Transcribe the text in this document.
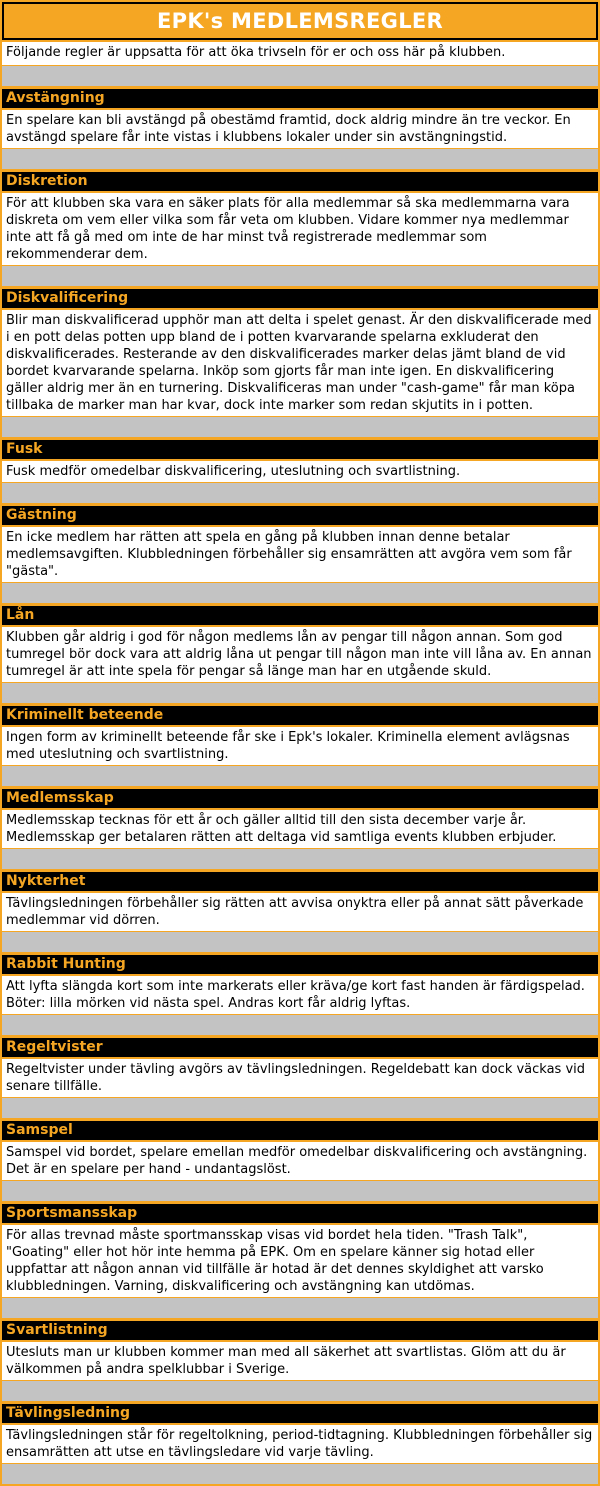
EPK's MEDLEMSREGLER
Följande regler är uppsatta för att öka trivseln för er och oss här på klubben.
Avstängning
En spelare kan bli avstängd på obestämd framtid, dock aldrig mindre än tre veckor. En avstängd spelare får inte vistas i klubbens lokaler under sin avstängningstid.
Diskretion
För att klubben ska vara en säker plats för alla medlemmar så ska medlemmarna vara diskreta om vem eller vilka som får veta om klubben. Vidare kommer nya medlemmar inte att få gå med om inte de har minst två registrerade medlemmar som rekommenderar dem.
Diskvalificering
Blir man diskvalificerad upphör man att delta i spelet genast. Är den diskvalificerade med i en pott delas potten upp bland de i potten kvarvarande spelarna exkluderat den diskvalificerades. Resterande av den diskvalificerades marker delas jämt bland de vid bordet kvarvarande spelarna. Inköp som gjorts får man inte igen. En diskvalificering gäller aldrig mer än en turnering. Diskvalificeras man under "cash-game" får man köpa tillbaka de marker man har kvar, dock inte marker som redan skjutits in i potten.
Fusk
Fusk medför omedelbar diskvalificering, uteslutning och svartlistning.
Gästning
En icke medlem har rätten att spela en gång på klubben innan denne betalar medlemsavgiften. Klubbledningen förbehåller sig ensamrätten att avgöra vem som får "gästa".
Lån
Klubben går aldrig i god för någon medlems lån av pengar till någon annan. Som god tumregel bör dock vara att aldrig låna ut pengar till någon man inte vill låna av. En annan tumregel är att inte spela för pengar så länge man har en utgående skuld.
Kriminellt beteende
Ingen form av kriminellt beteende får ske i Epk's lokaler. Kriminella element avlägsnas med uteslutning och svartlistning.
Medlemsskap
Medlemsskap tecknas för ett år och gäller alltid till den sista december varje år. Medlemsskap ger betalaren rätten att deltaga vid samtliga events klubben erbjuder.
Nykterhet
Tävlingsledningen förbehåller sig rätten att avvisa onyktra eller på annat sätt påverkade medlemmar vid dörren.
Rabbit Hunting
Att lyfta slängda kort som inte markerats eller kräva/ge kort fast handen är färdigspelad. Böter: lilla mörken vid nästa spel. Andras kort får aldrig lyftas.
Regeltvister
Regeltvister under tävling avgörs av tävlingsledningen. Regeldebatt kan dock väckas vid senare tillfälle.
Samspel
Samspel vid bordet, spelare emellan medför omedelbar diskvalificering och avstängning. Det är en spelare per hand - undantagslöst.
Sportsmansskap
För allas trevnad måste sportmansskap visas vid bordet hela tiden. "Trash Talk", "Goating" eller hot hör inte hemma på EPK. Om en spelare känner sig hotad eller uppfattar att någon annan vid tillfälle är hotad är det dennes skyldighet att varsko klubbledningen. Varning, diskvalificering och avstängning kan utdömas.
Svartlistning
Utesluts man ur klubben kommer man med all säkerhet att svartlistas. Glöm att du är välkommen på andra spelklubbar i Sverige.
Tävlingsledning
Tävlingsledningen står för regeltolkning, period-tidtagning. Klubbledningen förbehåller sig ensamrätten att utse en tävlingsledare vid varje tävling.
